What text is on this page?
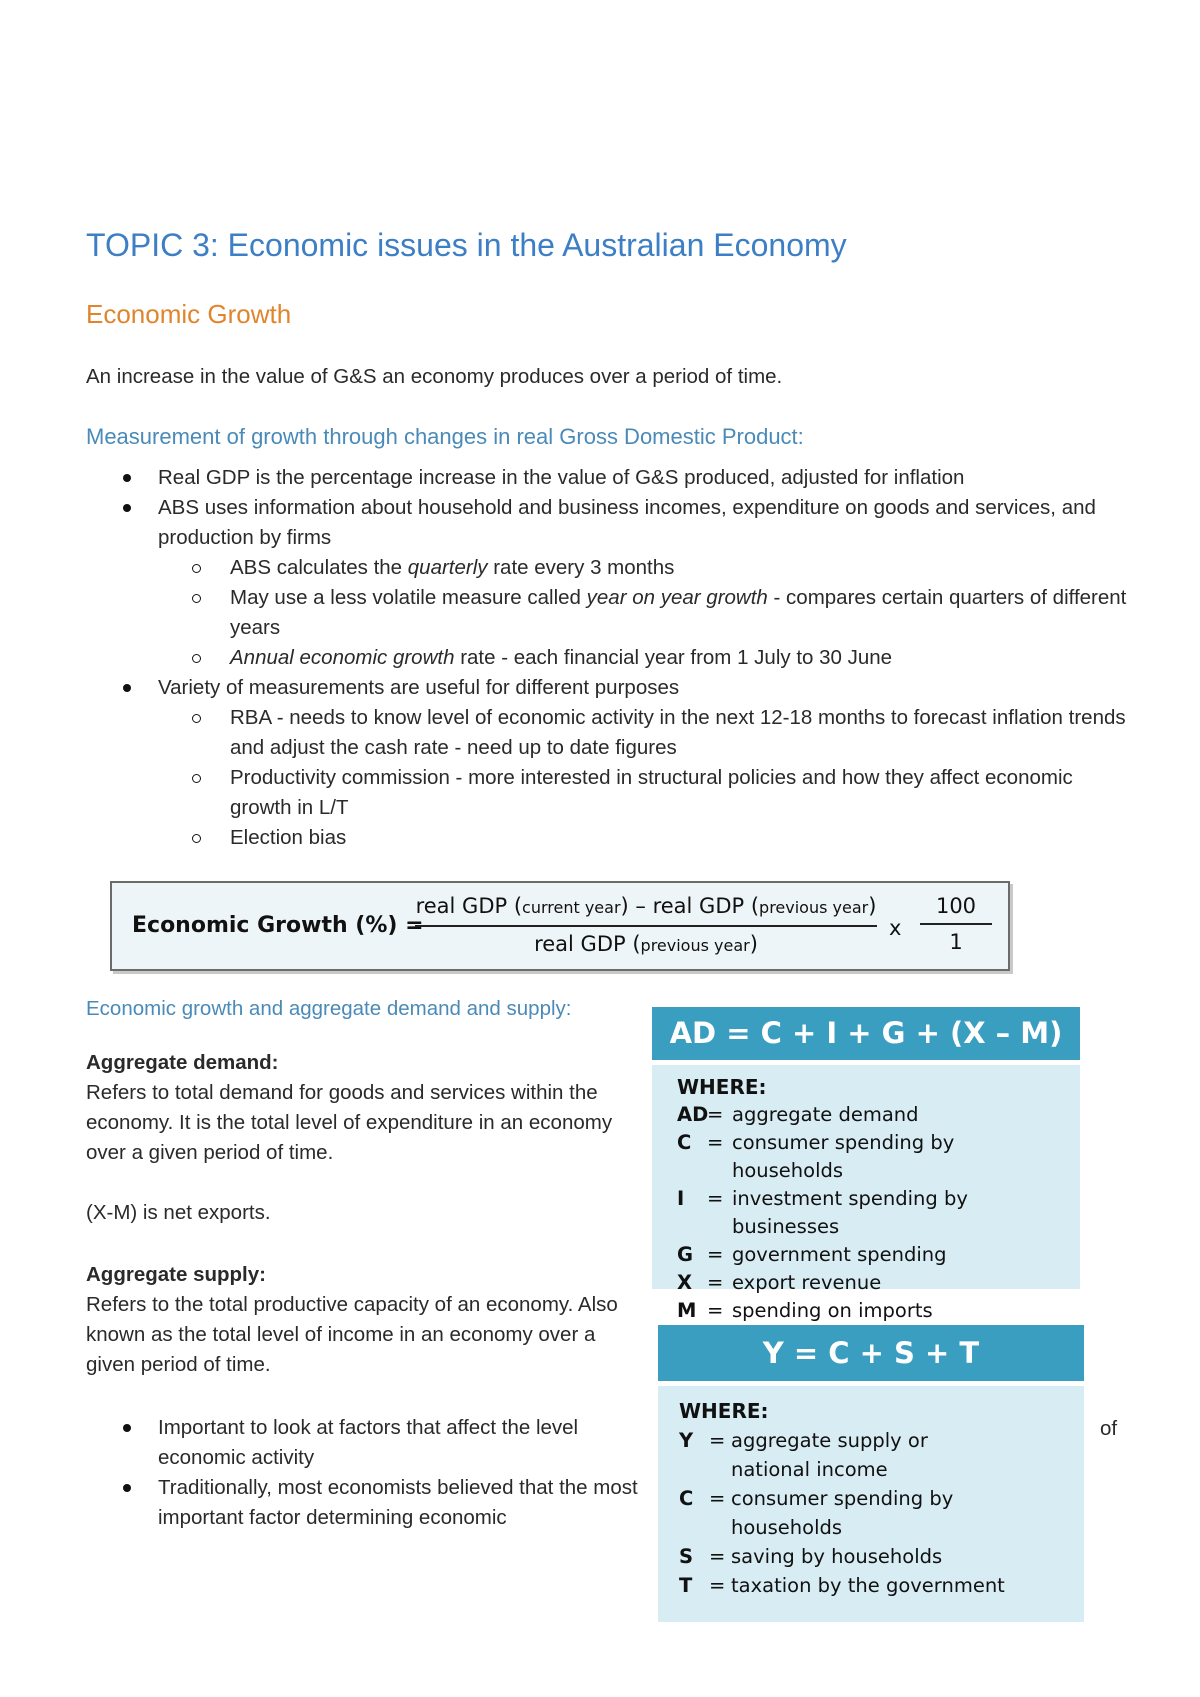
TOPIC 3: Economic issues in the Australian Economy
Economic Growth

An increase in the value of G&S an economy produces over a period of time.

Measurement of growth through changes in real Gross Domestic Product:
Real GDP is the percentage increase in the value of G&S produced, adjusted for inflation
ABS uses information about household and business incomes, expenditure on goods and services, and production by firms
ABS calculates the quarterly rate every 3 months
May use a less volatile measure called year on year growth - compares certain quarters of different years
Annual economic growth rate - each financial year from 1 July to 30 June
Variety of measurements are useful for different purposes
RBA - needs to know level of economic activity in the next 12-18 months to forecast inflation trends and adjust the cash rate - need up to date figures
Productivity commission - more interested in structural policies and how they affect economic growth in L/T
Election bias
Economic Growth (%) =
real GDP (current year) – real GDP (previous year)
real GDP (previous year)
x
100
1
Economic growth and aggregate demand and supply:
Aggregate demand:
Refers to total demand for goods and services within the economy. It is the total level of expenditure in an economy over a given period of time.

(X-M) is net exports.

Aggregate supply:
Refers to the total productive capacity of an economy. Also known as the total level of income in an economy over a given period of time.
Important to look at factors that affect the level
economic activity
Traditionally, most economists believed that the most important factor determining economic

of

AD = C + I + G + (X – M)

WHERE:

AD
= aggregate demand
C = consumer spending by households
I	= investment spending by businesses
G = government spending
X = export revenue
M = spending on imports
Y = C + S + T

WHERE:

Y = aggregate supply or national income
C = consumer spending by households
S = saving by households
T = taxation by the government
